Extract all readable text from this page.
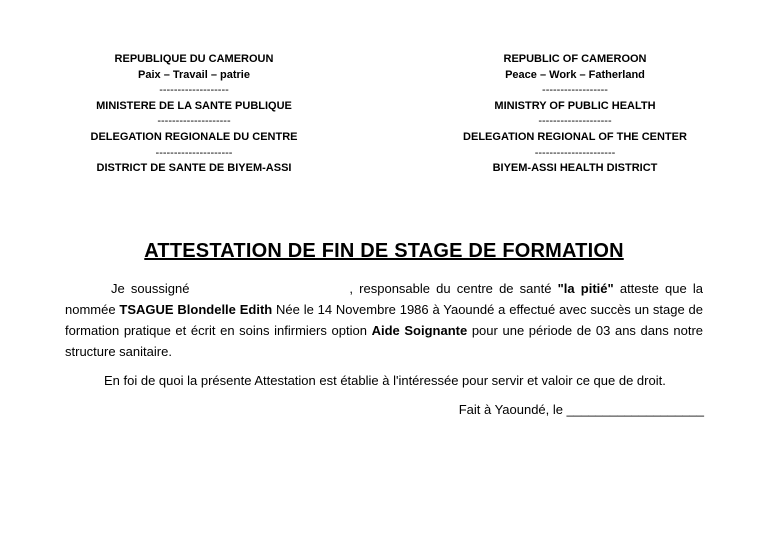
REPUBLIQUE DU CAMEROUN
Paix – Travail – patrie
-------------------
MINISTERE DE LA SANTE PUBLIQUE
--------------------
DELEGATION REGIONALE DU CENTRE
---------------------
DISTRICT DE SANTE DE BIYEM-ASSI
REPUBLIC OF CAMEROON
Peace – Work – Fatherland
------------------
MINISTRY OF PUBLIC HEALTH
--------------------
DELEGATION REGIONAL OF THE CENTER
----------------------
BIYEM-ASSI HEALTH DISTRICT
ATTESTATION DE FIN DE STAGE DE FORMATION
Je soussigné	, responsable du centre de santé "la pitié" atteste que la nommée TSAGUE Blondelle Edith Née le 14 Novembre 1986 à Yaoundé a effectué avec succès un stage de formation pratique et écrit en soins infirmiers option Aide Soignante pour une période de 03 ans dans notre structure sanitaire.
En foi de quoi la présente Attestation est établie à l'intéressée pour servir et valoir ce que de droit.
Fait à Yaoundé, le ___________________
